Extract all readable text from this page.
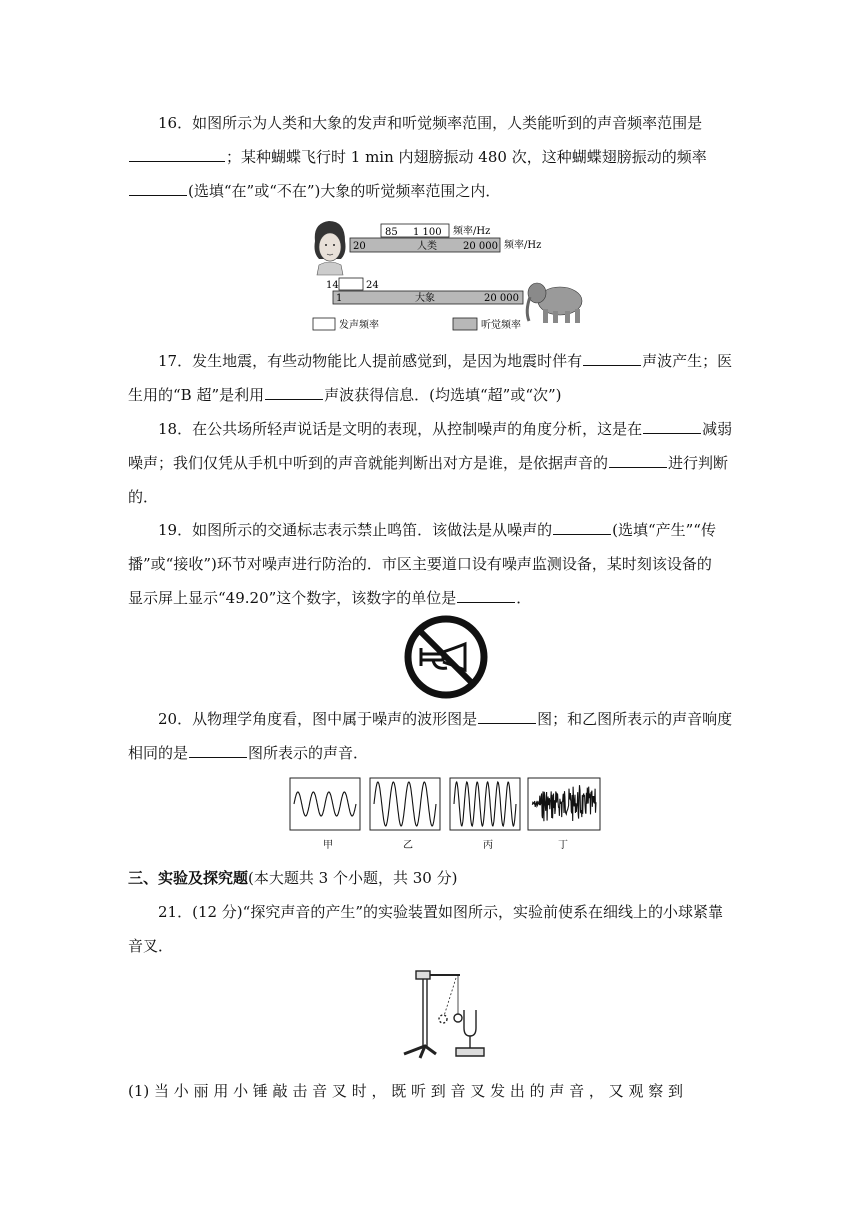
16．如图所示为人类和大象的发声和听觉频率范围，人类能听到的声音频率范围是

；某种蝴蝶飞行时 1 min 内翅膀振动 480 次，这种蝴蝶翅膀振动的频率

(选填“在”或“不在”)大象的听觉频率范围之内．

85 1 100 频率/Hz
20	人类	20 000 频率/Hz
14	24
1	大象	20 000
发声频率	听觉频率

17．发生地震，有些动物能比人提前感觉到，是因为地震时伴有	声波产生；医

生用的“B 超”是利用	声波获得信息．(均选填“超”或“次”)

18．在公共场所轻声说话是文明的表现，从控制噪声的角度分析，这是在	减弱

噪声；我们仅凭从手机中听到的声音就能判断出对方是谁，是依据声音的	进行判断

的．

19．如图所示的交通标志表示禁止鸣笛．该做法是从噪声的	(选填“产生”“传

播”或“接收”)环节对噪声进行防治的．市区主要道口设有噪声监测设备，某时刻该设备的

显示屏上显示“49.20”这个数字，该数字的单位是	．

20．从物理学角度看，图中属于噪声的波形图是	图；和乙图所表示的声音响度

相同的是	图所表示的声音．

甲	乙	丙	丁

三、实验及探究题(本大题共 3 个小题，共 30 分)

21．(12 分)“探究声音的产生”的实验装置如图所示，实验前使系在细线上的小球紧靠

音叉．

(1) 当 小 丽 用 小 锤 敲 击 音 叉 时 ， 既 听 到 音 叉 发 出 的 声 音 ， 又 观 察 到
